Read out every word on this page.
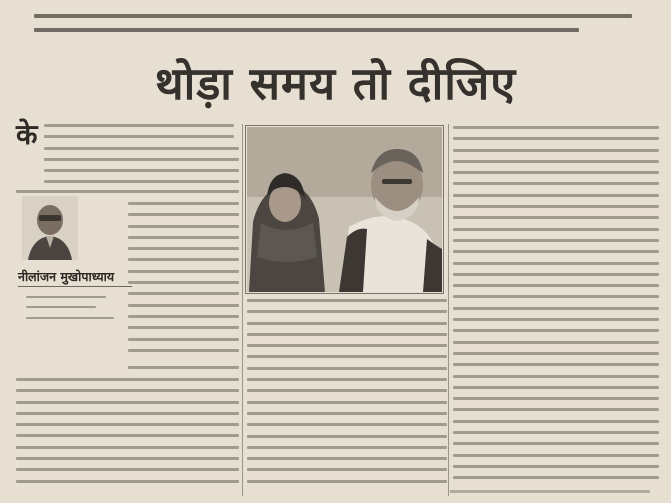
थोड़ा समय तो दीजिए
के
नीलांजन मुखोपाध्याय
